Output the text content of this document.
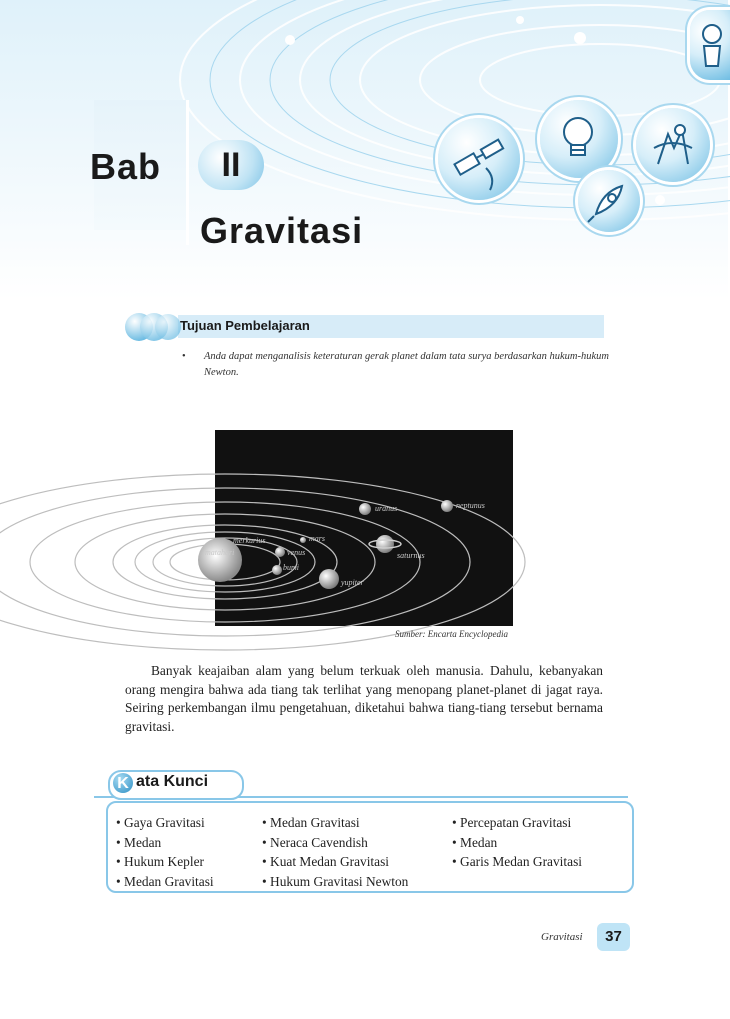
Bab	II
Gravitasi
Tujuan Pembelajaran
•	Anda dapat menganalisis keteraturan gerak planet dalam tata surya berdasarkan hukum-hukum Newton.
matahari
merkurius
venus
bumi
mars
yupiter
saturnus
uranus	neptunus
Sumber: Encarta Encyclopedia

Banyak keajaiban alam yang belum terkuak oleh manusia. Dahulu, kebanyakan orang mengira bahwa ada tiang tak terlihat yang menopang planet-planet di jagat raya. Seiring perkembangan ilmu pengetahuan, diketahui bahwa tiang-tiang tersebut bernama gravitasi.

K ata Kunci
• Gaya Gravitasi
• Medan
• Hukum Kepler
• Medan Gravitasi
• Medan Gravitasi
• Neraca Cavendish
• Kuat Medan Gravitasi
• Hukum Gravitasi Newton
• Percepatan Gravitasi
• Medan
• Garis Medan Gravitasi
Gravitasi	37
